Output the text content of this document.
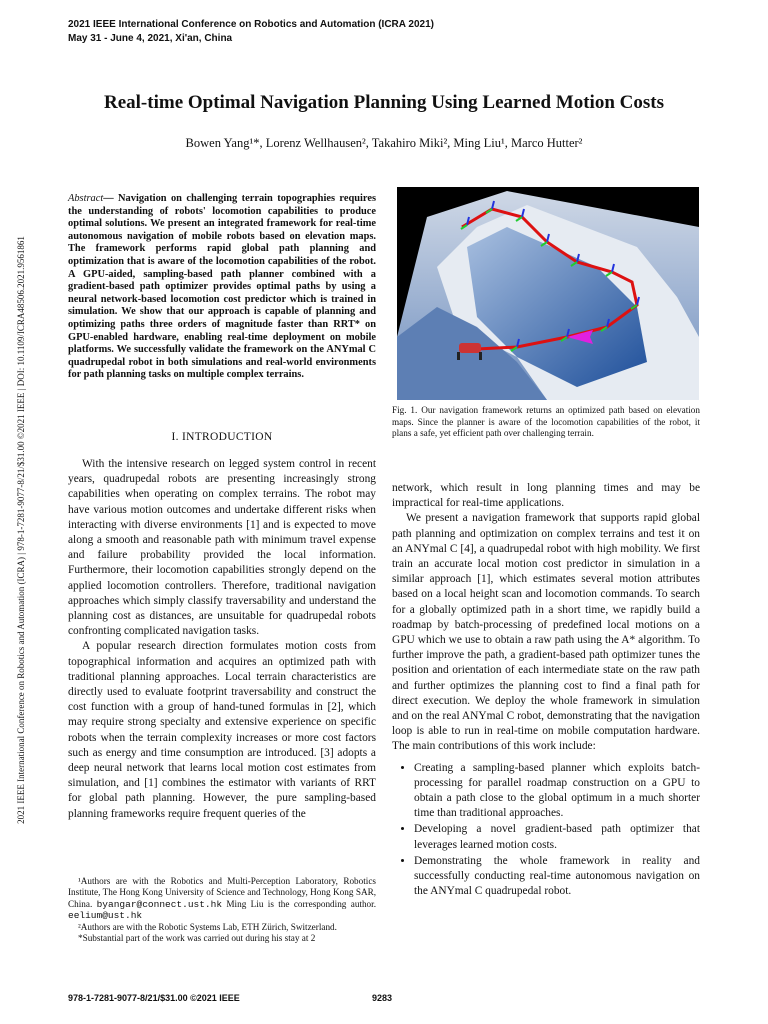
2021 IEEE International Conference on Robotics and Automation (ICRA 2021)
May 31 - June 4, 2021, Xi'an, China
Real-time Optimal Navigation Planning Using Learned Motion Costs
Bowen Yang¹*, Lorenz Wellhausen², Takahiro Miki², Ming Liu¹, Marco Hutter²
2021 IEEE International Conference on Robotics and Automation (ICRA) | 978-1-7281-9077-8/21/$31.00 ©2021 IEEE | DOI: 10.1109/ICRA48506.2021.9561861
Abstract— Navigation on challenging terrain topographies requires the understanding of robots' locomotion capabilities to produce optimal solutions. We present an integrated framework for real-time autonomous navigation of mobile robots based on elevation maps. The framework performs rapid global path planning and optimization that is aware of the locomotion capabilities of the robot. A GPU-aided, sampling-based path planner combined with a gradient-based path optimizer provides optimal paths by using a neural network-based locomotion cost predictor which is trained in simulation. We show that our approach is capable of planning and optimizing paths three orders of magnitude faster than RRT* on GPU-enabled hardware, enabling real-time deployment on mobile platforms. We successfully validate the framework on the ANYmal C quadrupedal robot in both simulations and real-world environments for path planning tasks on multiple complex terrains.
I. INTRODUCTION

With the intensive research on legged system control in recent years, quadrupedal robots are presenting increasingly strong capabilities when operating on complex terrains. The robot may have various motion outcomes and undertake different risks when interacting with diverse environments [1] and is expected to move along a smooth and reasonable path with minimum travel expense and failure probability provided the local information. Furthermore, their locomotion capabilities strongly depend on the applied locomotion controllers. Therefore, traditional navigation approaches which simply classify traversability and understand the planning cost as distances, are unsuitable for quadrupedal robots confronting complicated navigation tasks.

A popular research direction formulates motion costs from topographical information and acquires an optimized path with traditional planning approaches. Local terrain characteristics are directly used to evaluate footprint traversability and construct the cost function with a group of hand-tuned formulas in [2], which may require strong specialty and extensive experience on specific robots when the terrain complexity increases or more cost factors such as energy and time consumption are introduced. [3] adopts a deep neural network that learns local motion cost estimates from simulation, and [1] combines the estimator with variants of RRT for global path planning. However, the pure sampling-based planning frameworks require frequent queries of the

¹Authors are with the Robotics and Multi-Perception Laboratory, Robotics Institute, The Hong Kong University of Science and Technology, Hong Kong SAR, China. byangar@connect.ust.hk Ming Liu is the corresponding author. eelium@ust.hk
²Authors are with the Robotic Systems Lab, ETH Zürich, Switzerland.
*Substantial part of the work was carried out during his stay at 2
Fig. 1. Our navigation framework returns an optimized path based on elevation maps. Since the planner is aware of the locomotion capabilities of the robot, it plans a safe, yet efficient path over challenging terrain.

network, which result in long planning times and may be impractical for real-time applications.

We present a navigation framework that supports rapid global path planning and optimization on complex terrains and test it on an ANYmal C [4], a quadrupedal robot with high mobility. We first train an accurate local motion cost predictor in simulation in a similar approach [1], which estimates several motion attributes based on a local height scan and locomotion commands. To search for a globally optimized path in a short time, we rapidly build a roadmap by batch-processing of predefined local motions on a GPU which we use to obtain a raw path using the A* algorithm. To further improve the path, a gradient-based path optimizer tunes the position and orientation of each intermediate state on the raw path and further optimizes the planning cost to find a final path for direct execution. We deploy the whole framework in simulation and on the real ANYmal C robot, demonstrating that the navigation loop is able to run in real-time on mobile computation hardware. The main contributions of this work include:

• Creating a sampling-based planner which exploits batch-processing for parallel roadmap construction on a GPU to obtain a path close to the global optimum in a much shorter time than traditional approaches.
• Developing a novel gradient-based path optimizer that leverages learned motion costs.
• Demonstrating the whole framework in reality and successfully conducting real-time autonomous navigation on the ANYmal C quadrupedal robot.
978-1-7281-9077-8/21/$31.00 ©2021 IEEE	9283
